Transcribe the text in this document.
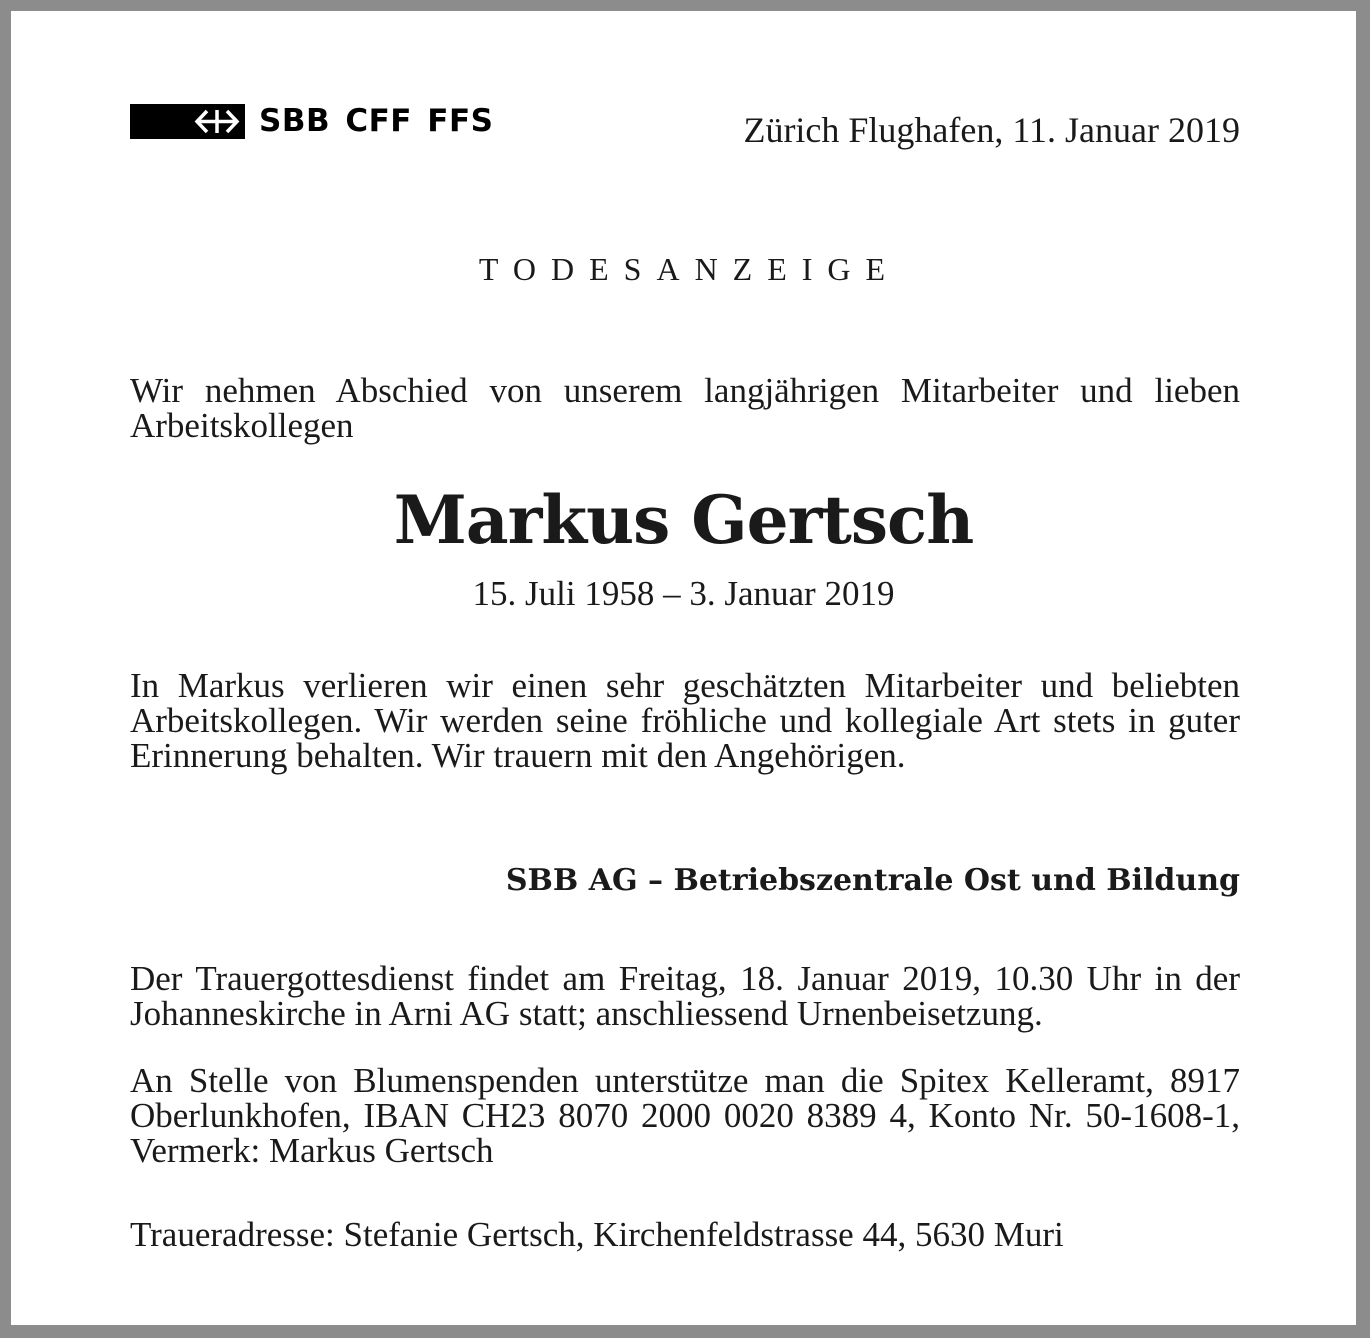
SBB CFF FFS	Zürich Flughafen, 11. Januar 2019
TODESANZEIGE
Wir nehmen Abschied von unserem langjährigen Mitarbeiter und lieben Arbeitskollegen
Markus Gertsch
15. Juli 1958 – 3. Januar 2019
In Markus verlieren wir einen sehr geschätzten Mitarbeiter und beliebten Arbeitskollegen. Wir werden seine fröhliche und kollegiale Art stets in guter Erinnerung behalten. Wir trauern mit den Angehörigen.
SBB AG – Betriebszentrale Ost und Bildung
Der Trauergottesdienst findet am Freitag, 18. Januar 2019, 10.30 Uhr in der Johanneskirche in Arni AG statt; anschliessend Urnenbeisetzung.
An Stelle von Blumenspenden unterstütze man die Spitex Kelleramt, 8917 Oberlunkhofen, IBAN CH23 8070 2000 0020 8389 4, Konto Nr. 50-1608-1, Vermerk: Markus Gertsch
Traueradresse: Stefanie Gertsch, Kirchenfeldstrasse 44, 5630 Muri
